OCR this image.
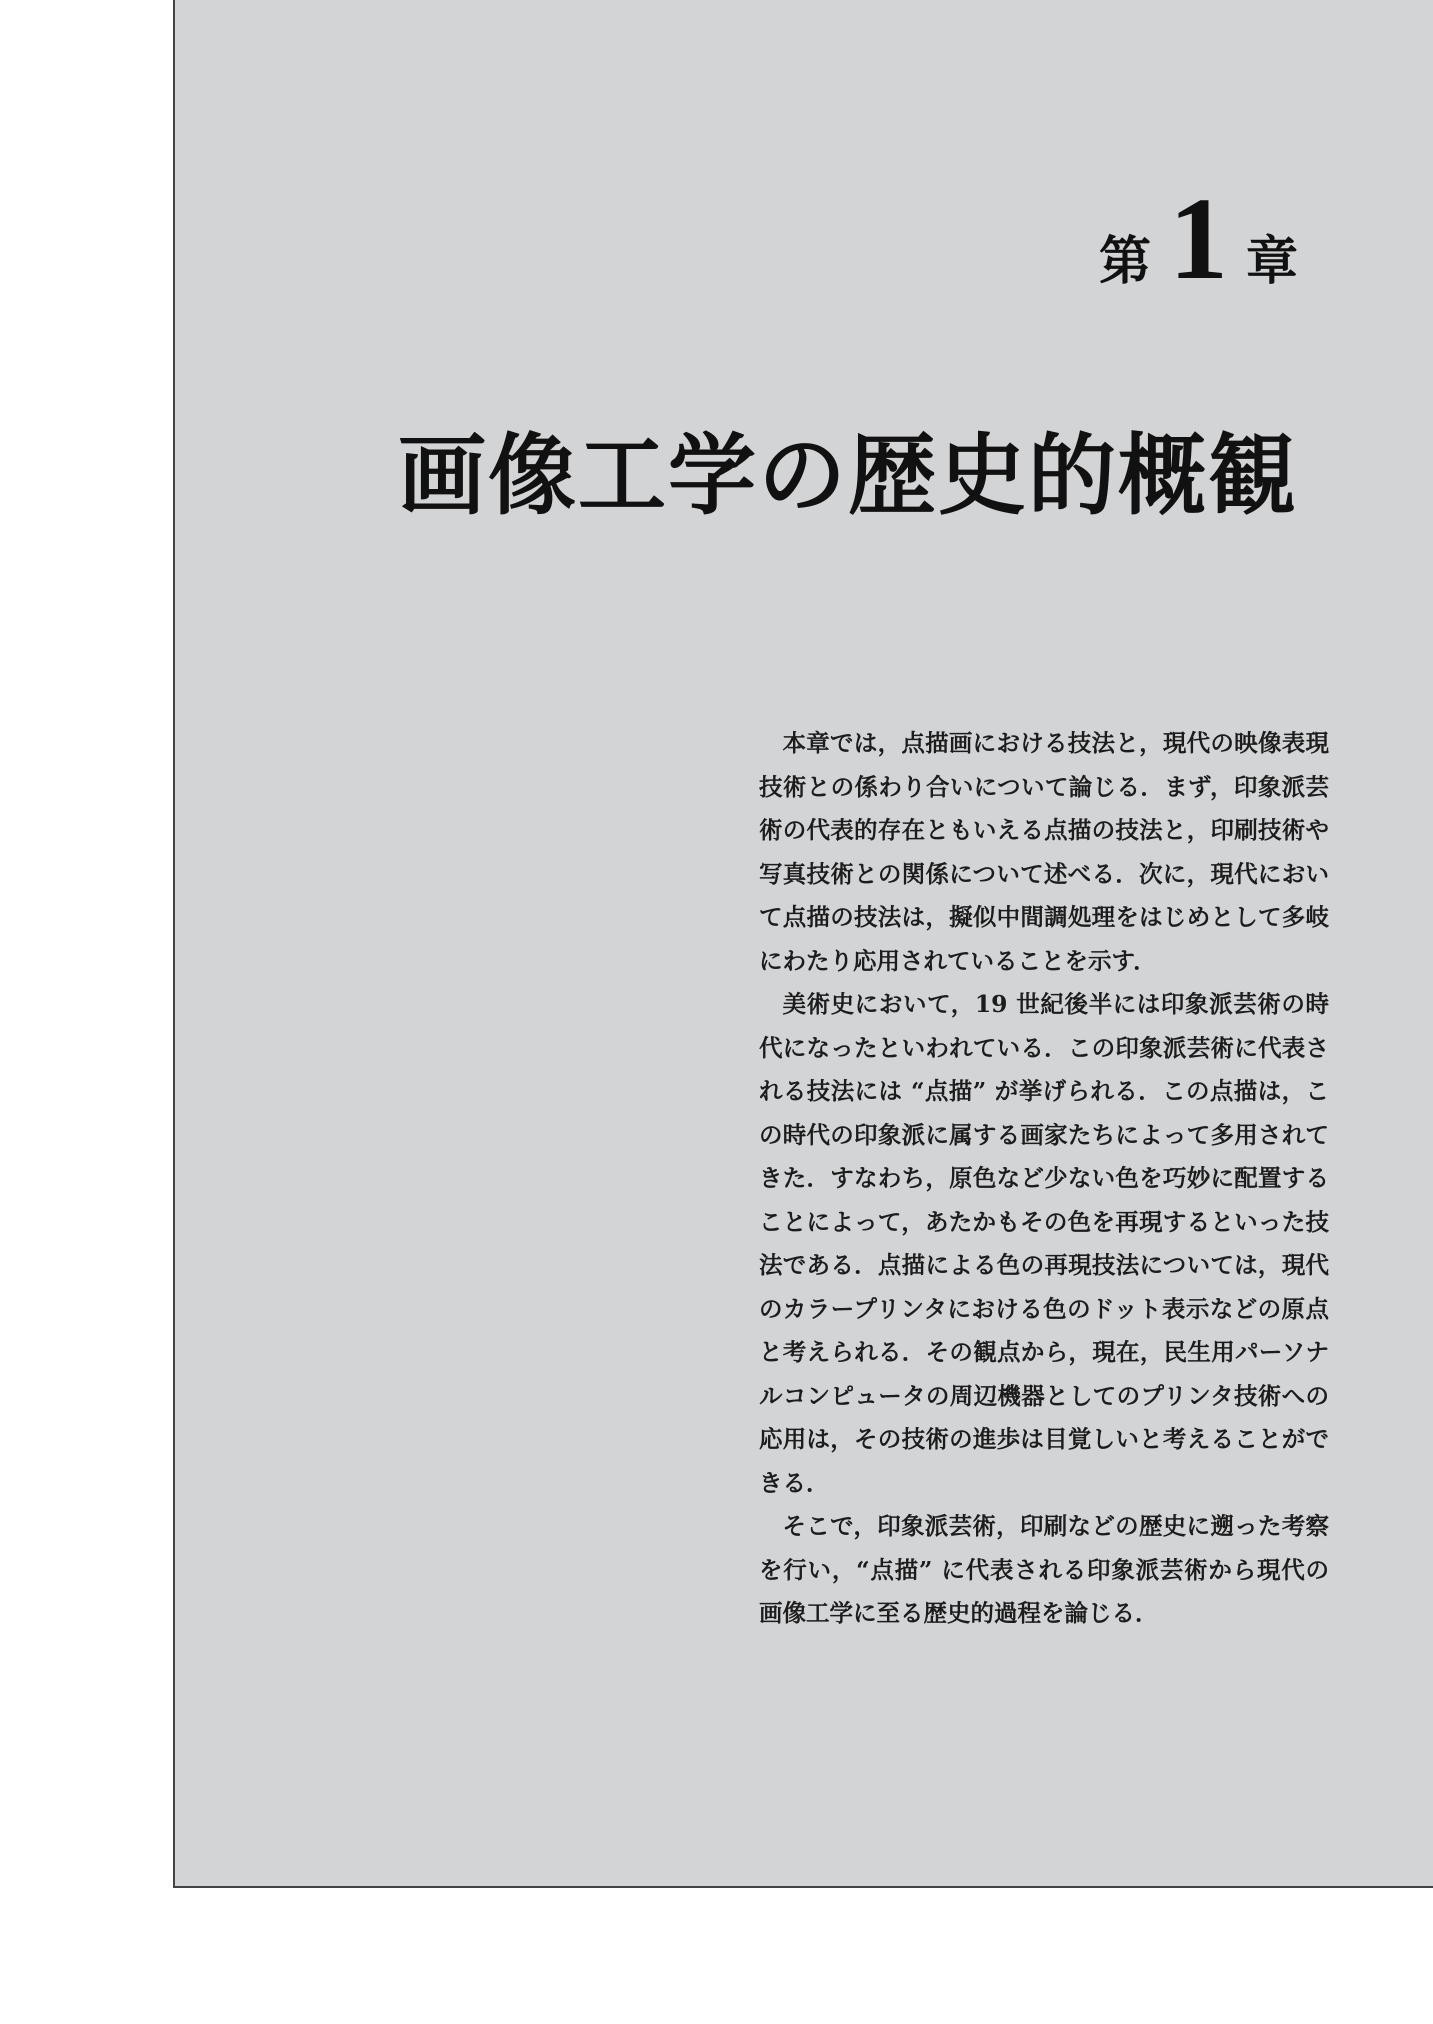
第 1 章
画像工学の歴史的概観

本章では，点描画における技法と，現代の映像表現技術との係わり合いについて論じる．まず，印象派芸術の代表的存在ともいえる点描の技法と，印刷技術や写真技術との関係について述べる．次に，現代において点描の技法は，擬似中間調処理をはじめとして多岐にわたり応用されていることを示す．

美術史において，19 世紀後半には印象派芸術の時代になったといわれている．この印象派芸術に代表される技法には “点描” が挙げられる．この点描は，この時代の印象派に属する画家たちによって多用されてきた．すなわち，原色など少ない色を巧妙に配置することによって，あたかもその色を再現するといった技法である．点描による色の再現技法については，現代のカラープリンタにおける色のドット表示などの原点と考えられる．その観点から，現在，民生用パーソナルコンピュータの周辺機器としてのプリンタ技術への応用は，その技術の進歩は目覚しいと考えることができる．

そこで，印象派芸術，印刷などの歴史に遡った考察を行い，“点描” に代表される印象派芸術から現代の画像工学に至る歴史的過程を論じる．
